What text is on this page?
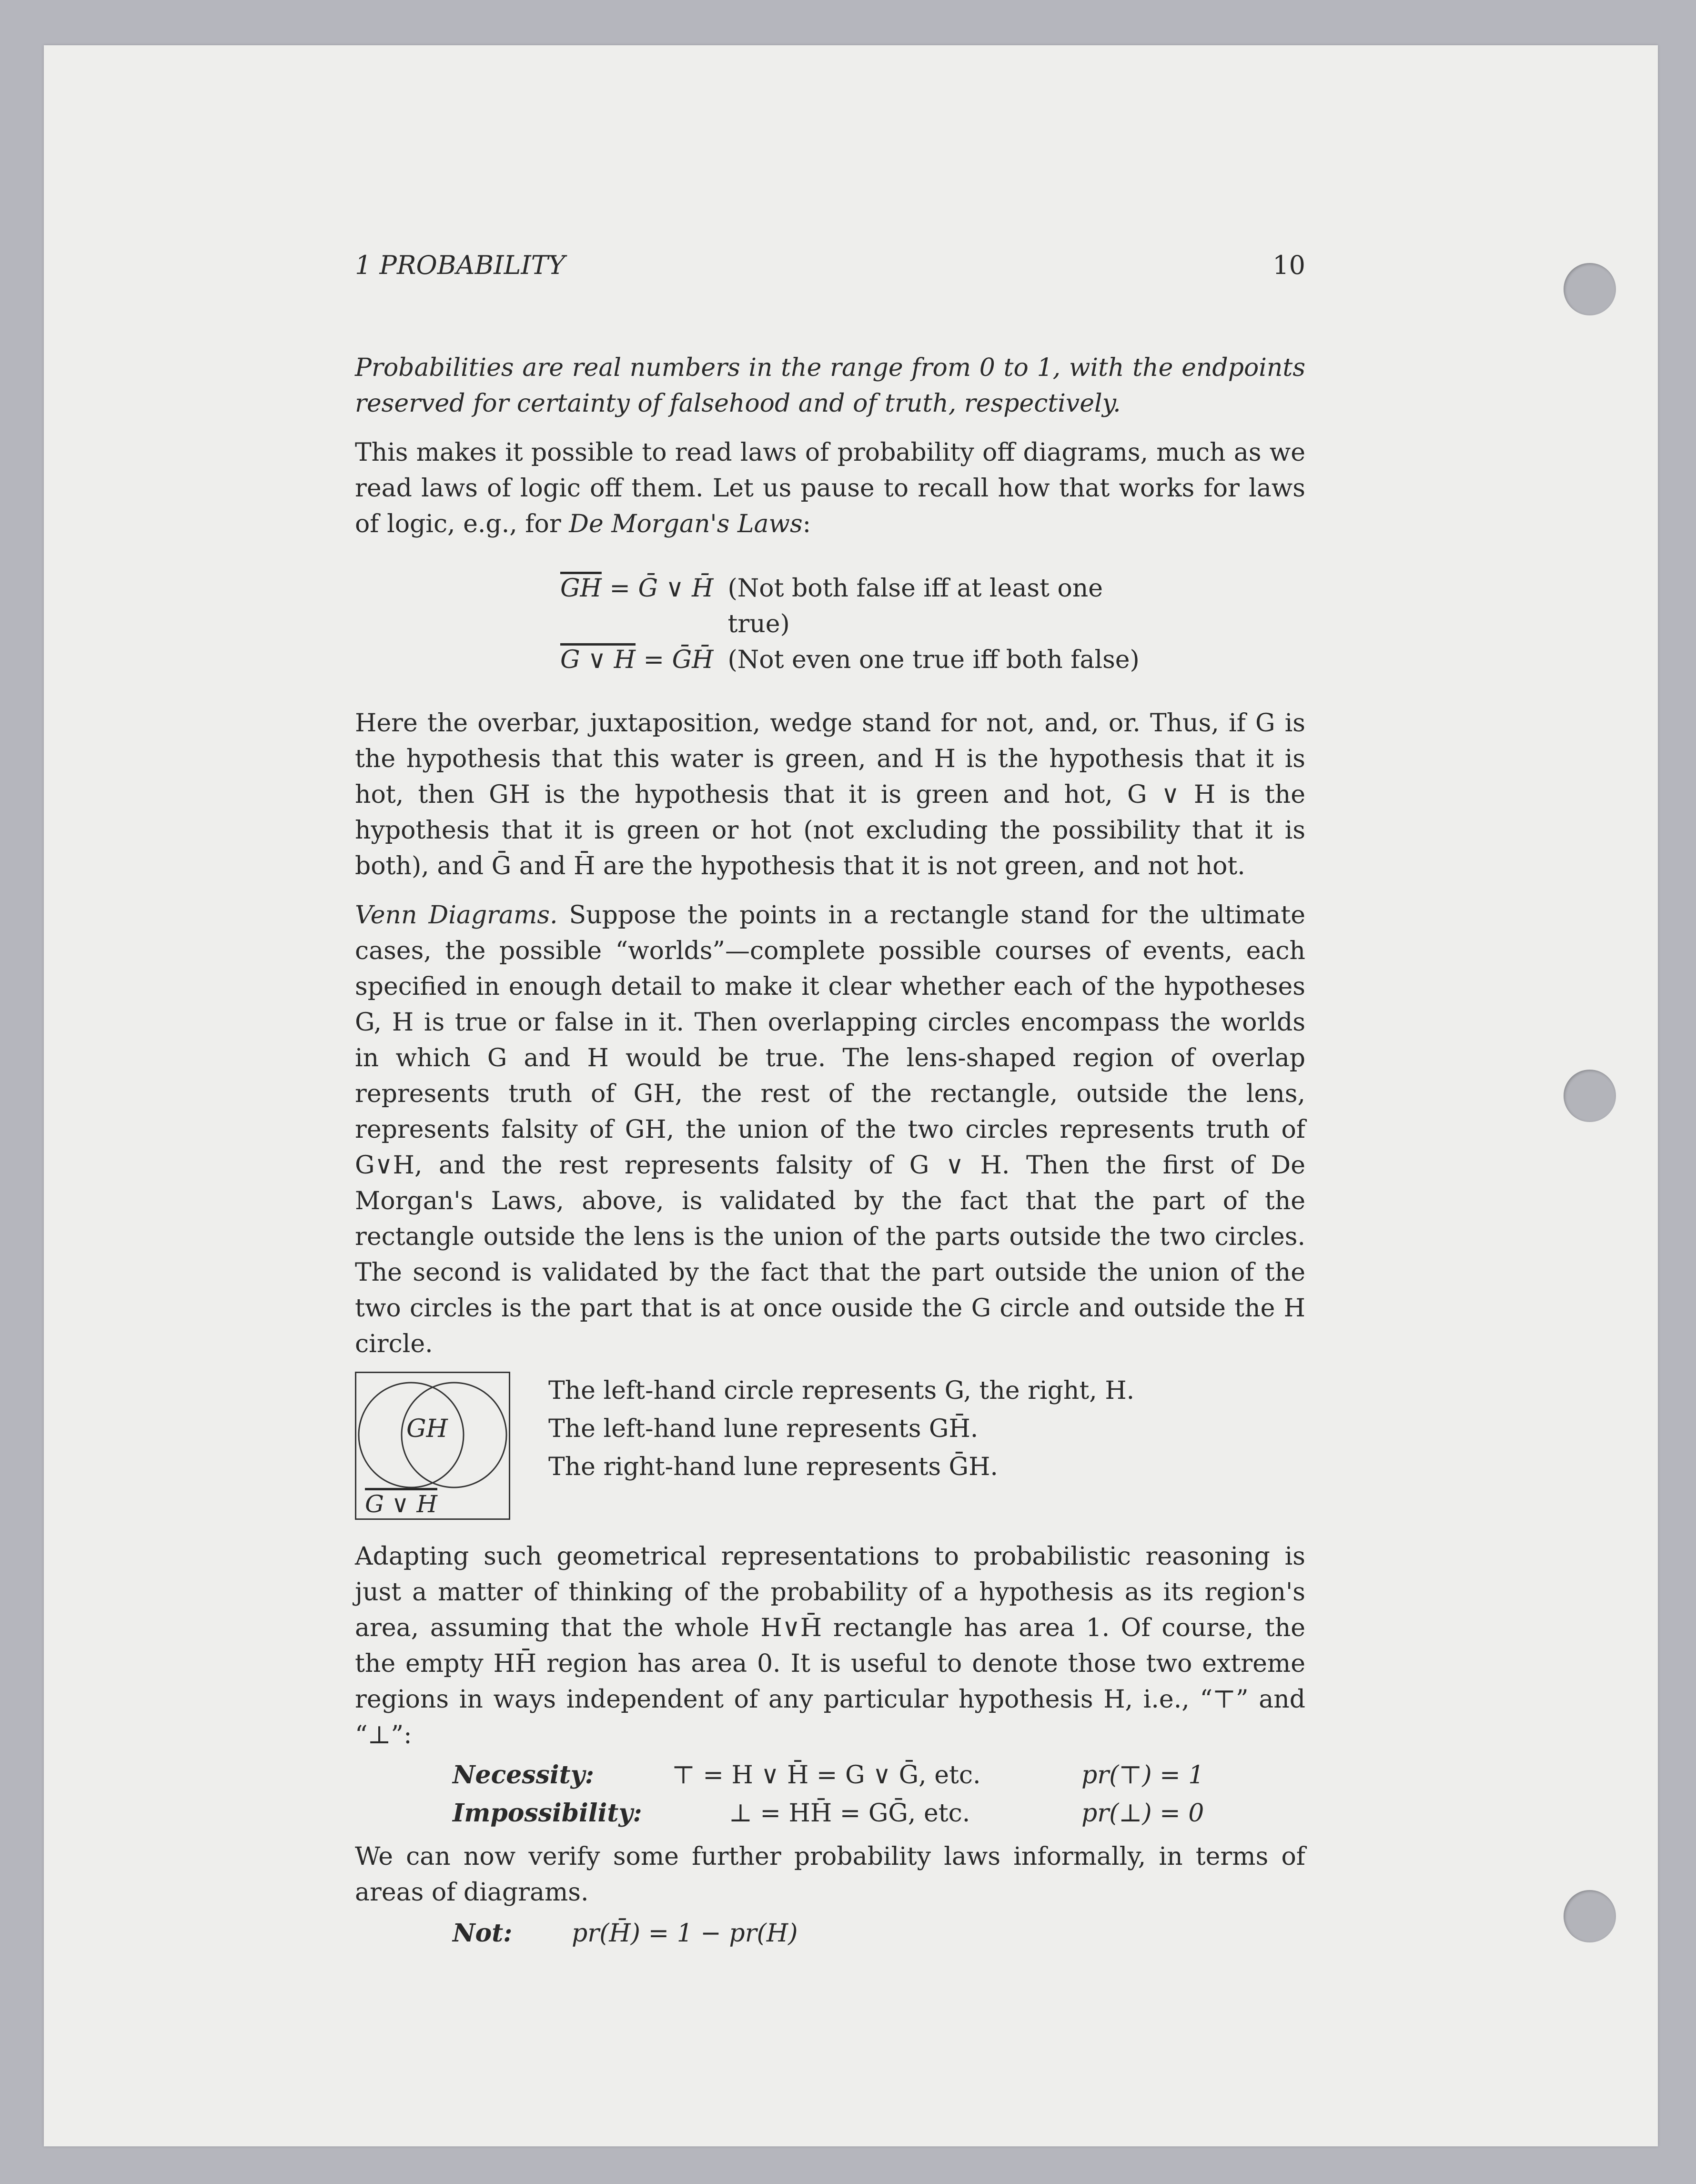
1 PROBABILITY	10

Probabilities are real numbers in the range from 0 to 1, with the endpoints reserved for certainty of falsehood and of truth, respectively.

This makes it possible to read laws of probability off diagrams, much as we read laws of logic off them. Let us pause to recall how that works for laws of logic, e.g., for De Morgan's Laws:

$\overline{GH}$ = Ḡ ∨ H̄ (Not both false iff at least one true)
G ∨ H = ḠH̄ (Not even one true iff both false)

Here the overbar, juxtaposition, wedge stand for not, and, or. Thus, if G is the hypothesis that this water is green, and H is the hypothesis that it is hot, then GH is the hypothesis that it is green and hot, G ∨ H is the hypothesis that it is green or hot (not excluding the possibility that it is both), and Ḡ and H̄ are the hypothesis that it is not green, and not hot.

Venn Diagrams. Suppose the points in a rectangle stand for the ultimate cases, the possible “worlds”—complete possible courses of events, each specified in enough detail to make it clear whether each of the hypotheses G, H is true or false in it. Then overlapping circles encompass the worlds in which G and H would be true. The lens-shaped region of overlap represents truth of GH, the rest of the rectangle, outside the lens, represents falsity of GH, the union of the two circles represents truth of G∨H, and the rest represents falsity of G ∨ H. Then the first of De Morgan's Laws, above, is validated by the fact that the part of the rectangle outside the lens is the union of the parts outside the two circles. The second is validated by the fact that the part outside the union of the two circles is the part that is at once ouside the G circle and outside the H circle.

GH
G ∨ H
The left-hand circle represents G, the right, H.
The left-hand lune represents GH̄.
The right-hand lune represents ḠH.

Adapting such geometrical representations to probabilistic reasoning is just a matter of thinking of the probability of a hypothesis as its region's area, assuming that the whole H∨H̄ rectangle has area 1. Of course, the the empty HH̄ region has area 0. It is useful to denote those two extreme regions in ways independent of any particular hypothesis H, i.e., “⊤” and “⊥”:

Necessity:	⊤ = H ∨ H̄ = G ∨ Ḡ, etc.	pr(⊤) = 1
Impossibility:	⊥ = HH̄ = GḠ, etc.	pr(⊥) = 0

We can now verify some further probability laws informally, in terms of areas of diagrams.

Not:	pr(H̄) = 1 − pr(H)
